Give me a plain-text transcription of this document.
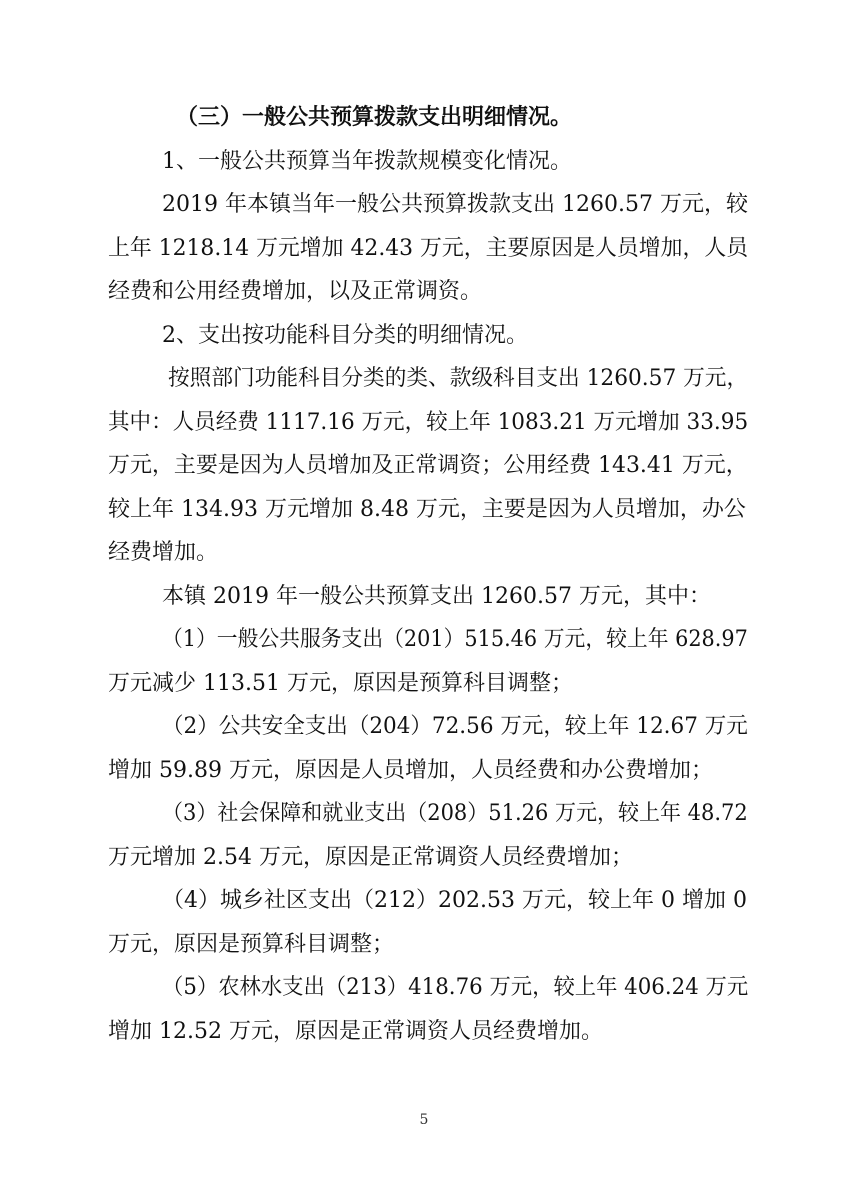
（三）一般公共预算拨款支出明细情况。

1、一般公共预算当年拨款规模变化情况。

2019 年本镇当年一般公共预算拨款支出 1260.57 万元，较

上年 1218.14 万元增加 42.43 万元，主要原因是人员增加，人员

经费和公用经费增加，以及正常调资。

2、支出按功能科目分类的明细情况。

按照部门功能科目分类的类、款级科目支出 1260.57 万元，

其中：人员经费 1117.16 万元，较上年 1083.21 万元增加 33.95

万元，主要是因为人员增加及正常调资；公用经费 143.41 万元，

较上年 134.93 万元增加 8.48 万元，主要是因为人员增加，办公

经费增加。

本镇 2019 年一般公共预算支出 1260.57 万元，其中：

（1）一般公共服务支出（201）515.46 万元，较上年 628.97

万元减少 113.51 万元，原因是预算科目调整；

（2）公共安全支出（204）72.56 万元，较上年 12.67 万元

增加 59.89 万元，原因是人员增加，人员经费和办公费增加；

（3）社会保障和就业支出（208）51.26 万元，较上年 48.72

万元增加 2.54 万元，原因是正常调资人员经费增加；

（4）城乡社区支出（212）202.53 万元，较上年 0 增加 0

万元，原因是预算科目调整；

（5）农林水支出（213）418.76 万元，较上年 406.24 万元

增加 12.52 万元，原因是正常调资人员经费增加。

5
